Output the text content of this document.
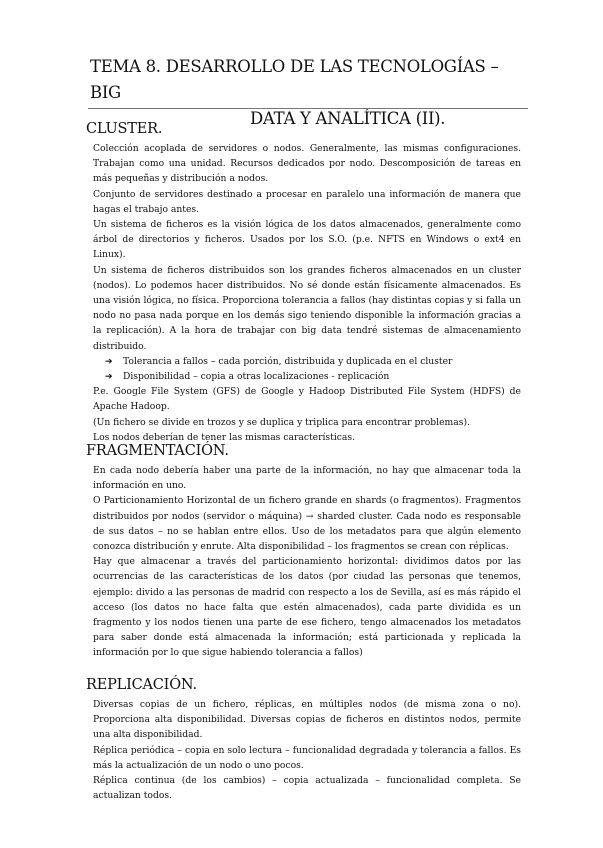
TEMA 8. DESARROLLO DE LAS TECNOLOGÍAS – BIG
DATA Y ANALÍTICA (II).
CLUSTER.

Colección acoplada de servidores o nodos. Generalmente, las mismas configuraciones. Trabajan como una unidad. Recursos dedicados por nodo. Descomposición de tareas en más pequeñas y distribución a nodos.

Conjunto de servidores destinado a procesar en paralelo una información de manera que hagas el trabajo antes.

Un sistema de ficheros es la visión lógica de los datos almacenados, generalmente como árbol de directorios y ficheros. Usados por los S.O. (p.e. NFTS en Windows o ext4 en Linux).

Un sistema de ficheros distribuidos son los grandes ficheros almacenados en un cluster (nodos). Lo podemos hacer distribuidos. No sé donde están físicamente almacenados. Es una visión lógica, no física. Proporciona tolerancia a fallos (hay distintas copias y si falla un nodo no pasa nada porque en los demás sigo teniendo disponible la información gracias a la replicación). A la hora de trabajar con big data tendré sistemas de almacenamiento distribuido.

➔ Tolerancia a fallos – cada porción, distribuida y duplicada en el cluster
➔ Disponibilidad – copia a otras localizaciones - replicación

P.e. Google File System (GFS) de Google y Hadoop Distributed File System (HDFS) de Apache Hadoop.

(Un fichero se divide en trozos y se duplica y triplica para encontrar problemas).

Los nodos deberían de tener las mismas características.

FRAGMENTACIÓN.

En cada nodo debería haber una parte de la información, no hay que almacenar toda la información en uno.

O Particionamiento Horizontal de un fichero grande en shards (o fragmentos). Fragmentos distribuidos por nodos (servidor o máquina) → sharded cluster. Cada nodo es responsable de sus datos – no se hablan entre ellos. Uso de los metadatos para que algún elemento conozca distribución y enrute. Alta disponibilidad – los fragmentos se crean con réplicas.

Hay que almacenar a través del particionamiento horizontal: dividimos datos por las ocurrencias de las características de los datos (por ciudad las personas que tenemos, ejemplo: divido a las personas de madrid con respecto a los de Sevilla, así es más rápido el acceso (los datos no hace falta que estén almacenados), cada parte dividida es un fragmento y los nodos tienen una parte de ese fichero, tengo almacenados los metadatos para saber donde está almacenada la información; está particionada y replicada la información por lo que sigue habiendo tolerancia a fallos)

REPLICACIÓN.

Diversas copias de un fichero, réplicas, en múltiples nodos (de misma zona o no). Proporciona alta disponibilidad. Diversas copias de ficheros en distintos nodos, permite una alta disponibilidad.

Réplica periódica – copia en solo lectura – funcionalidad degradada y tolerancia a fallos. Es más la actualización de un nodo o uno pocos.

Réplica continua (de los cambios) – copia actualizada – funcionalidad completa. Se actualizan todos.
